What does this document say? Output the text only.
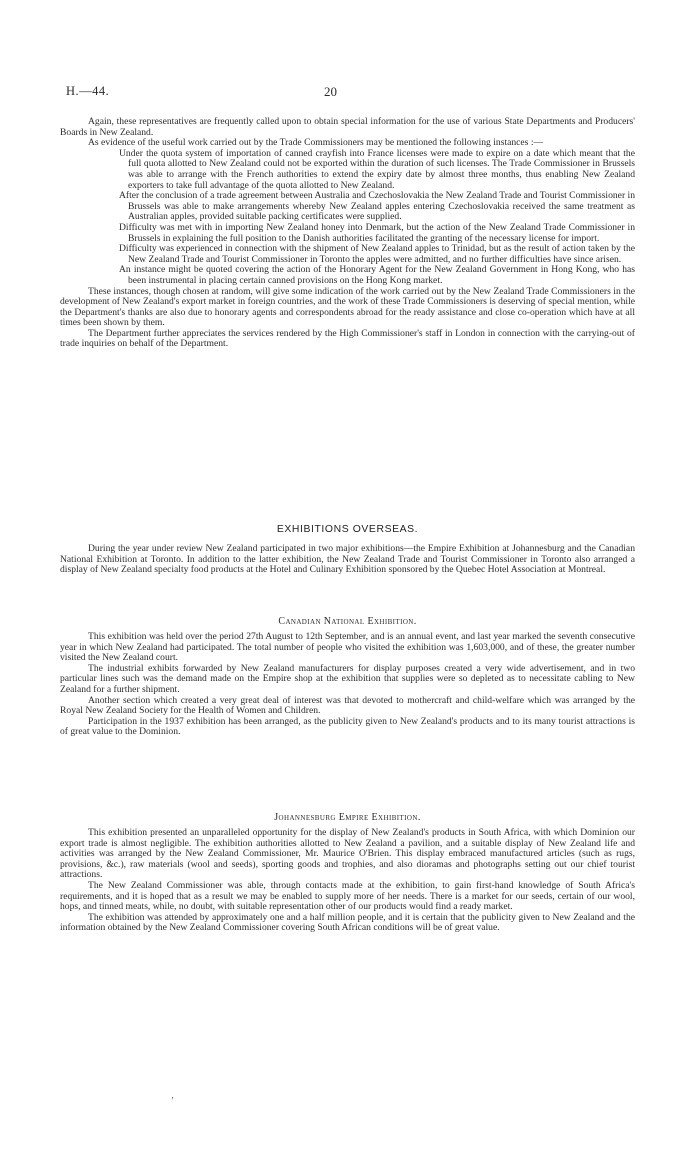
H.—44.	20

Again, these representatives are frequently called upon to obtain special information for the use of various State Departments and Producers' Boards in New Zealand.

As evidence of the useful work carried out by the Trade Commissioners may be mentioned the following instances :—

Under the quota system of importation of canned crayfish into France licenses were made to expire on a date which meant that the full quota allotted to New Zealand could not be exported within the duration of such licenses. The Trade Commissioner in Brussels was able to arrange with the French authorities to extend the expiry date by almost three months, thus enabling New Zealand exporters to take full advantage of the quota allotted to New Zealand.

After the conclusion of a trade agreement between Australia and Czechoslovakia the New Zealand Trade and Tourist Commissioner in Brussels was able to make arrangements whereby New Zealand apples entering Czechoslovakia received the same treatment as Australian apples, provided suitable packing certificates were supplied.

Difficulty was met with in importing New Zealand honey into Denmark, but the action of the New Zealand Trade Commissioner in Brussels in explaining the full position to the Danish authorities facilitated the granting of the necessary license for import.

Difficulty was experienced in connection with the shipment of New Zealand apples to Trinidad, but as the result of action taken by the New Zealand Trade and Tourist Commissioner in Toronto the apples were admitted, and no further difficulties have since arisen.

An instance might be quoted covering the action of the Honorary Agent for the New Zealand Government in Hong Kong, who has been instrumental in placing certain canned provisions on the Hong Kong market.

These instances, though chosen at random, will give some indication of the work carried out by the New Zealand Trade Commissioners in the development of New Zealand's export market in foreign countries, and the work of these Trade Commissioners is deserving of special mention, while the Department's thanks are also due to honorary agents and correspondents abroad for the ready assistance and close co-operation which have at all times been shown by them.

The Department further appreciates the services rendered by the High Commissioner's staff in London in connection with the carrying-out of trade inquiries on behalf of the Department.

EXHIBITIONS OVERSEAS.

During the year under review New Zealand participated in two major exhibitions—the Empire Exhibition at Johannesburg and the Canadian National Exhibition at Toronto. In addition to the latter exhibition, the New Zealand Trade and Tourist Commissioner in Toronto also arranged a display of New Zealand specialty food products at the Hotel and Culinary Exhibition sponsored by the Quebec Hotel Association at Montreal.

Canadian National Exhibition.

This exhibition was held over the period 27th August to 12th September, and is an annual event, and last year marked the seventh consecutive year in which New Zealand had participated. The total number of people who visited the exhibition was 1,603,000, and of these, the greater number visited the New Zealand court.

The industrial exhibits forwarded by New Zealand manufacturers for display purposes created a very wide advertisement, and in two particular lines such was the demand made on the Empire shop at the exhibition that supplies were so depleted as to necessitate cabling to New Zealand for a further shipment.

Another section which created a very great deal of interest was that devoted to mothercraft and child-welfare which was arranged by the Royal New Zealand Society for the Health of Women and Children.

Participation in the 1937 exhibition has been arranged, as the publicity given to New Zealand's products and to its many tourist attractions is of great value to the Dominion.

Johannesburg Empire Exhibition.

This exhibition presented an unparalleled opportunity for the display of New Zealand's products in South Africa, with which Dominion our export trade is almost negligible. The exhibition authorities allotted to New Zealand a pavilion, and a suitable display of New Zealand life and activities was arranged by the New Zealand Commissioner, Mr. Maurice O'Brien. This display embraced manufactured articles (such as rugs, provisions, &c.), raw materials (wool and seeds), sporting goods and trophies, and also dioramas and photographs setting out our chief tourist attractions.

The New Zealand Commissioner was able, through contacts made at the exhibition, to gain first-hand knowledge of South Africa's requirements, and it is hoped that as a result we may be enabled to supply more of her needs. There is a market for our seeds, certain of our wool, hops, and tinned meats, while, no doubt, with suitable representation other of our products would find a ready market.

The exhibition was attended by approximately one and a half million people, and it is certain that the publicity given to New Zealand and the information obtained by the New Zealand Commissioner covering South African conditions will be of great value.

‚
